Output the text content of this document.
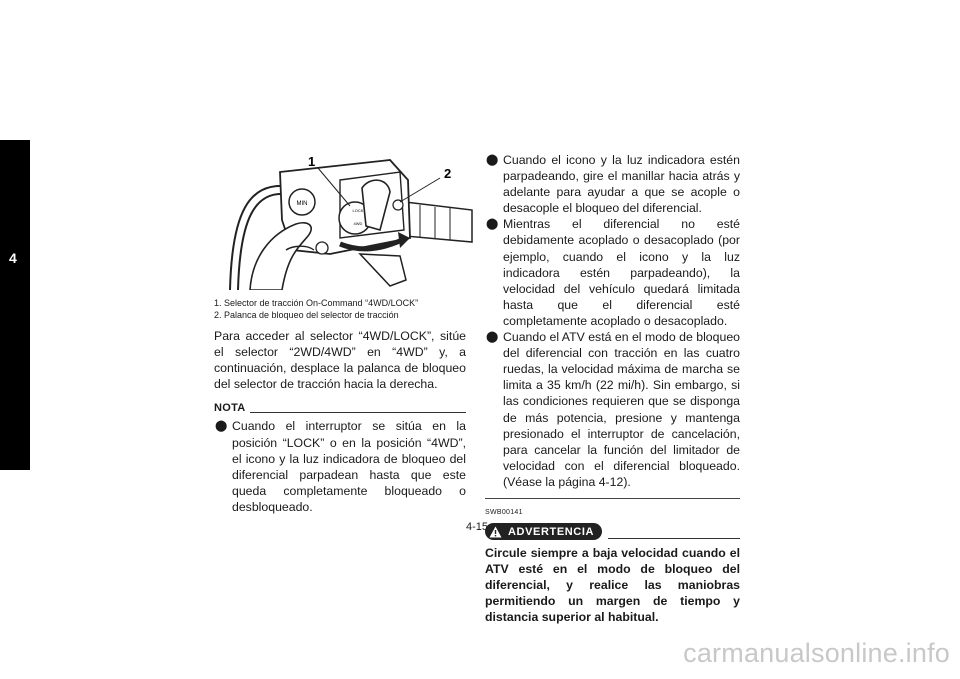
4
MIN
LOCK
4WD
1
2
1. Selector de tracción On-Command “4WD/LOCK”
2. Palanca de bloqueo del selector de tracción

Para acceder al selector “4WD/LOCK”, sitúe el selector “2WD/4WD” en “4WD” y, a continuación, desplace la palanca de bloqueo del selector de tracción hacia la derecha.

NOTA
⬤ Cuando el interruptor se sitúa en la posición “LOCK” o en la posición “4WD”, el icono y la luz indicadora de bloqueo del diferencial parpadean hasta que este queda completamente bloqueado o desbloqueado.
⬤ Cuando el icono y la luz indicadora estén parpadeando, gire el manillar hacia atrás y adelante para ayudar a que se acople o desacople el bloqueo del diferencial.
⬤ Mientras el diferencial no esté debidamente acoplado o desacoplado (por ejemplo, cuando el icono y la luz indicadora estén parpadeando), la velocidad del vehículo quedará limitada hasta que el diferencial esté completamente acoplado o desacoplado.
⬤ Cuando el ATV está en el modo de bloqueo del diferencial con tracción en las cuatro ruedas, la velocidad máxima de marcha se limita a 35 km/h (22 mi/h). Sin embargo, si las condiciones requieren que se disponga de más potencia, presione y mantenga presionado el interruptor de cancelación, para cancelar la función del limitador de velocidad con el diferencial bloqueado. (Véase la página 4-12).
SWB00141
ADVERTENCIA

Circule siempre a baja velocidad cuando el ATV esté en el modo de bloqueo del diferencial, y realice las maniobras permitiendo un margen de tiempo y distancia superior al habitual.

4-15
carmanualsonline.info
